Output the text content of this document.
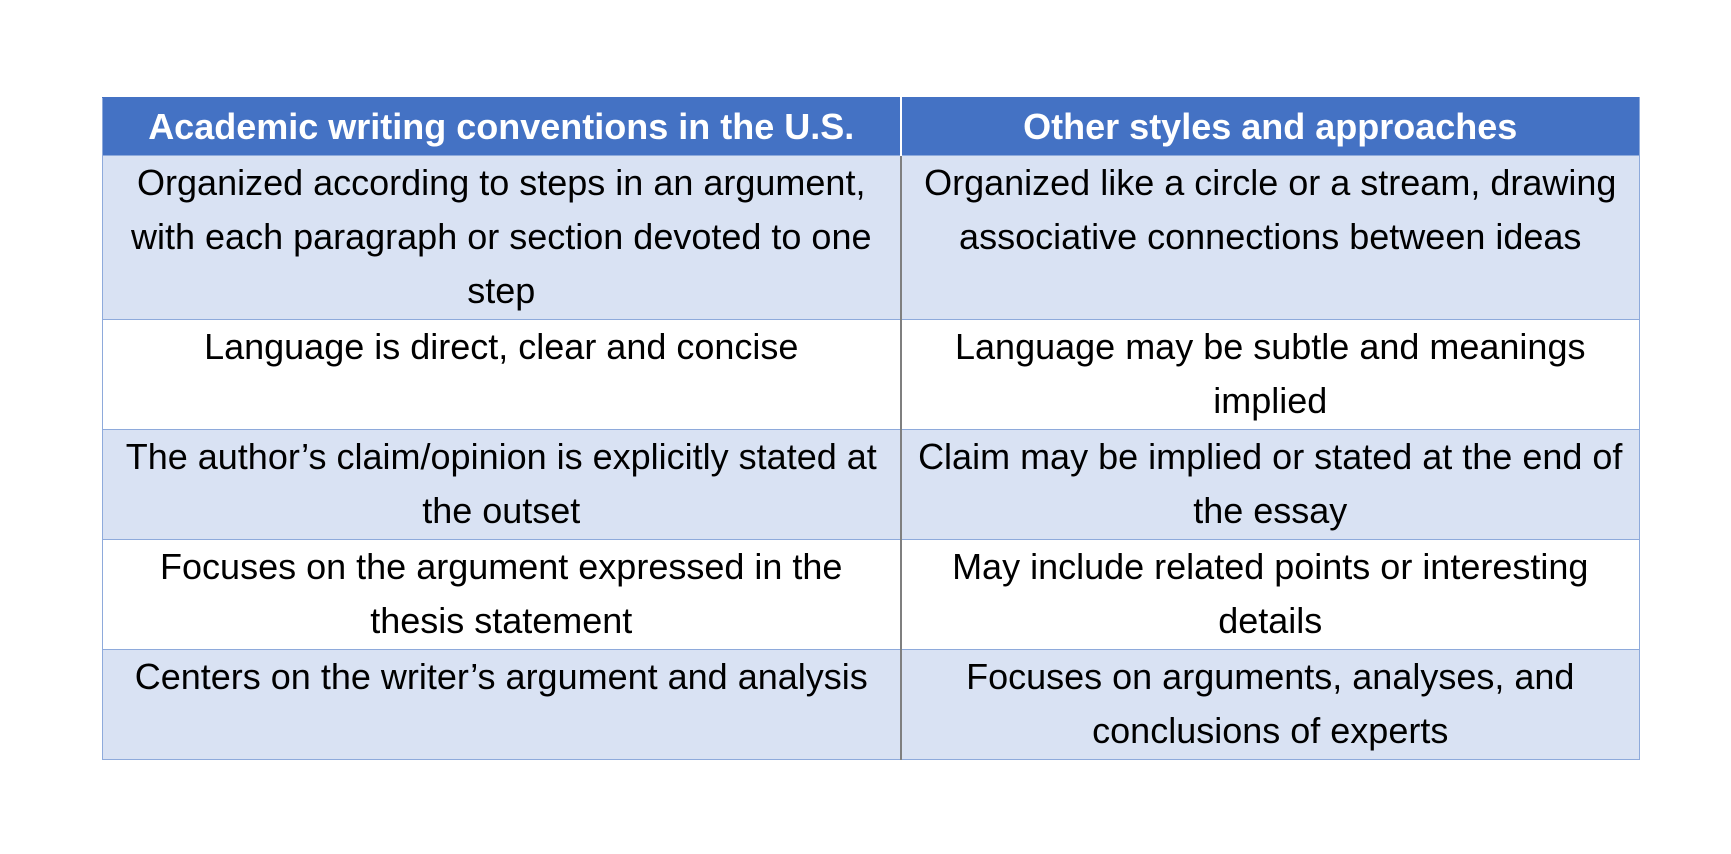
Academic writing conventions in the U.S.	Other styles and approaches
Organized according to steps in an argument, with each paragraph or section devoted to one step	Organized like a circle or a stream, drawing associative connections between ideas
Language is direct, clear and concise	Language may be subtle and meanings implied
The author’s claim/opinion is explicitly stated at the outset	Claim may be implied or stated at the end of the essay
Focuses on the argument expressed in the thesis statement	May include related points or interesting details
Centers on the writer’s argument and analysis	Focuses on arguments, analyses, and conclusions of experts
